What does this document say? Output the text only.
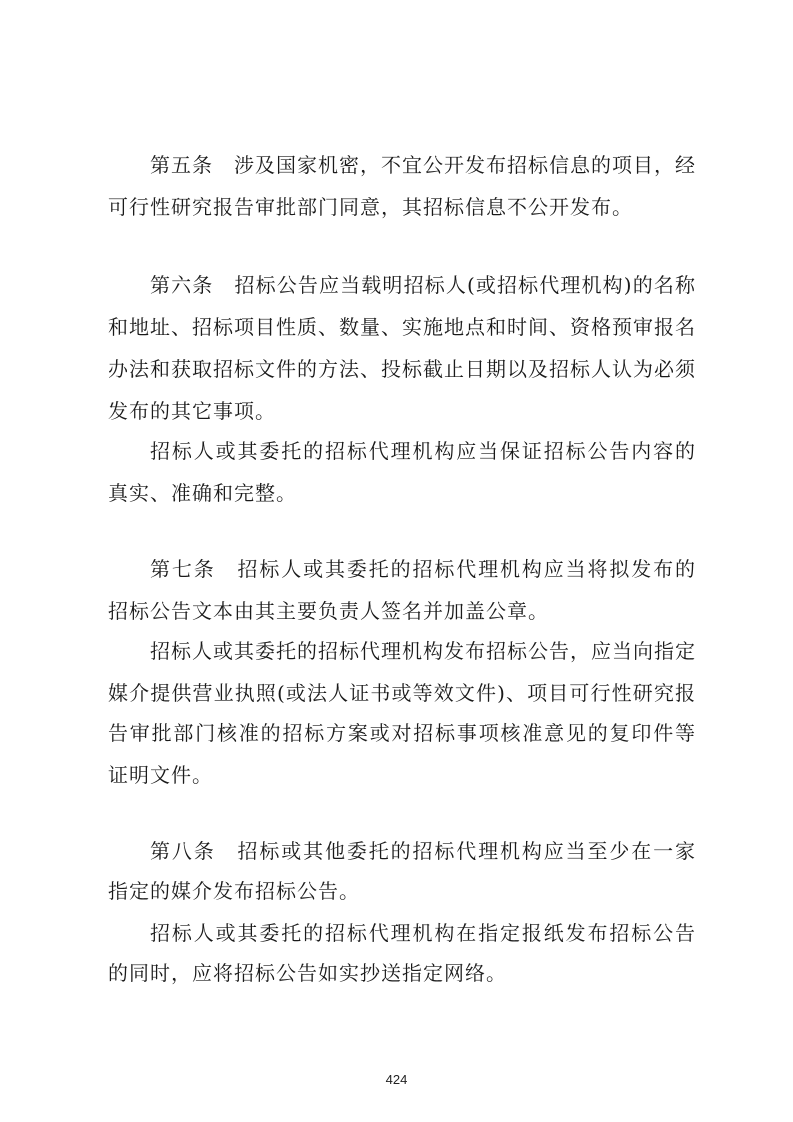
第五条　涉及国家机密，不宜公开发布招标信息的项目，经
可行性研究报告审批部门同意，其招标信息不公开发布。
第六条　招标公告应当载明招标人(或招标代理机构)的名称
和地址、招标项目性质、数量、实施地点和时间、资格预审报名
办法和获取招标文件的方法、投标截止日期以及招标人认为必须
发布的其它事项。
招标人或其委托的招标代理机构应当保证招标公告内容的
真实、准确和完整。
第七条　招标人或其委托的招标代理机构应当将拟发布的
招标公告文本由其主要负责人签名并加盖公章。
招标人或其委托的招标代理机构发布招标公告，应当向指定
媒介提供营业执照(或法人证书或等效文件)、项目可行性研究报
告审批部门核准的招标方案或对招标事项核准意见的复印件等
证明文件。
第八条　招标或其他委托的招标代理机构应当至少在一家
指定的媒介发布招标公告。
招标人或其委托的招标代理机构在指定报纸发布招标公告
的同时，应将招标公告如实抄送指定网络。
424
